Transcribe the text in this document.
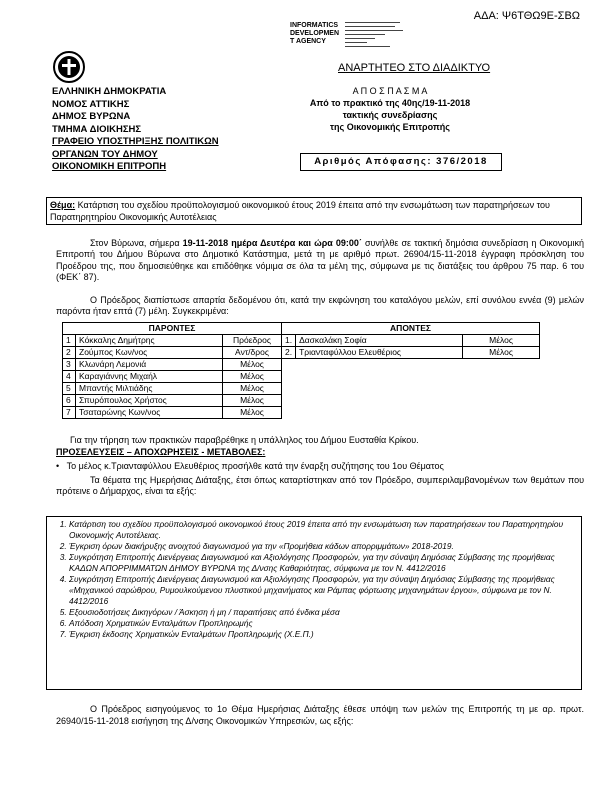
ΑΔΑ: Ψ6ΤΘΩ9Ε-ΣΒΩ
INFORMATICS
DEVELOPMEN
T AGENCY
ΕΛΛΗΝΙΚΗ ΔΗΜΟΚΡΑΤΙΑ
ΝΟΜΟΣ ΑΤΤΙΚΗΣ
ΔΗΜΟΣ ΒΥΡΩΝΑ
ΤΜΗΜΑ ΔΙΟΙΚΗΣΗΣ
ΓΡΑΦΕΙΟ ΥΠΟΣΤΗΡΙΞΗΣ ΠΟΛΙΤΙΚΩΝ
ΟΡΓΑΝΩΝ ΤΟΥ ΔΗΜΟΥ
ΟΙΚΟΝΟΜΙΚΗ ΕΠΙΤΡΟΠΗ
ΑΝΑΡΤΗΤΕΟ ΣΤΟ ΔΙΑΔΙΚΤΥΟ
Α Π Ο Σ Π Α Σ Μ Α
Από το πρακτικό της 40ης/19-11-2018
τακτικής συνεδρίασης
της Οικονομικής Επιτροπής
Αριθμός Απόφασης: 376/2018
Θέμα: Κατάρτιση του σχεδίου προϋπολογισμού οικονομικού έτους 2019 έπειτα από την ενσωμάτωση των παρατηρήσεων του Παρατηρητηρίου Οικονομικής Αυτοτέλειας
Στον Βύρωνα, σήμερα 19-11-2018 ημέρα Δευτέρα και ώρα 09:00΄ συνήλθε σε τακτική δημόσια συνεδρίαση η Οικονομική Επιτροπή του Δήμου Βύρωνα στο Δημοτικό Κατάστημα, μετά τη με αριθμό πρωτ. 26904/15-11-2018 έγγραφη πρόσκληση του Προέδρου της, που δημοσιεύθηκε και επιδόθηκε νόμιμα σε όλα τα μέλη της, σύμφωνα με τις διατάξεις του άρθρου 75 παρ. 6 του (ΦΕΚ΄ 87).
Ο Πρόεδρος διαπίστωσε απαρτία δεδομένου ότι, κατά την εκφώνηση του καταλόγου μελών, επί συνόλου εννέα (9) μελών παρόντα ήταν επτά (7) μέλη. Συγκεκριμένα:
ΠΑΡΟΝΤΕΣ			ΑΠΟΝΤΕΣ		
1	Κόκκαλης Δημήτρης	Πρόεδρος	1.	Δασκαλάκη Σοφία	Μέλος
2	Ζούμπος Κων/νος	Αντ/δρος	2.	Τριανταφύλλου Ελευθέριος	Μέλος
3	Κλωνάρη Λεμονιά	Μέλος			
4	Καραγιάννης Μιχαήλ	Μέλος			
5	Μπαντής Μιλτιάδης	Μέλος			
6	Σπυρόπουλος Χρήστος	Μέλος			
7	Τσαταρώνης Κων/νος	Μέλος			
Για την τήρηση των πρακτικών παραβρέθηκε η υπάλληλος του Δήμου Ευσταθία Κρίκου.
ΠΡΟΣΕΛΕΥΣΕΙΣ – ΑΠΟΧΩΡΗΣΕΙΣ - ΜΕΤΑΒΟΛΕΣ:
• Το μέλος κ.Τριανταφύλλου Ελευθέριος προσήλθε κατά την έναρξη συζήτησης του 1ου Θέματος
Τα θέματα της Ημερήσιας Διάταξης, έτσι όπως καταρτίστηκαν από τον Πρόεδρο, συμπεριλαμβανομένων των θεμάτων που πρότεινε ο Δήμαρχος, είναι τα εξής:
1. Κατάρτιση του σχεδίου προϋπολογισμού οικονομικού έτους 2019 έπειτα από την ενσωμάτωση των παρατηρήσεων του Παρατηρητηρίου Οικονομικής Αυτοτέλειας.
2. Έγκριση όρων διακήρυξης ανοιχτού διαγωνισμού για την «Προμήθεια κάδων απορριμμάτων» 2018-2019.
3. Συγκρότηση Επιτροπής Διενέργειας Διαγωνισμού και Αξιολόγησης Προσφορών, για την σύναψη Δημόσιας Σύμβασης της προμήθειας ΚΑΔΩΝ ΑΠΟΡΡΙΜΜΑΤΩΝ ΔΗΜΟΥ ΒΥΡΩΝΑ της Δ/νσης Καθαριότητας, σύμφωνα με τον Ν. 4412/2016
4. Συγκρότηση Επιτροπής Διενέργειας Διαγωνισμού και Αξιολόγησης Προσφορών, για την σύναψη Δημόσιας Σύμβασης της προμήθειας «Μηχανικού σαρώθρου, Ρυμουλκούμενου πλυστικού μηχανήματος και Ράμπας φόρτωσης μηχανημάτων έργου», σύμφωνα με τον Ν. 4412/2016
5. Εξουσιοδοτήσεις Δικηγόρων / Άσκηση ή μη / παραιτήσεις από ένδικα μέσα
6. Απόδοση Χρηματικών Ενταλμάτων Προπληρωμής
7. Έγκριση έκδοσης Χρηματικών Ενταλμάτων Προπληρωμής (Χ.Ε.Π.)
Ο Πρόεδρος εισηγούμενος το 1ο Θέμα Ημερήσιας Διάταξης έθεσε υπόψη των μελών της Επιτροπής τη με αρ. πρωτ. 26940/15-11-2018 εισήγηση της Δ/νσης Οικονομικών Υπηρεσιών, ως εξής:
